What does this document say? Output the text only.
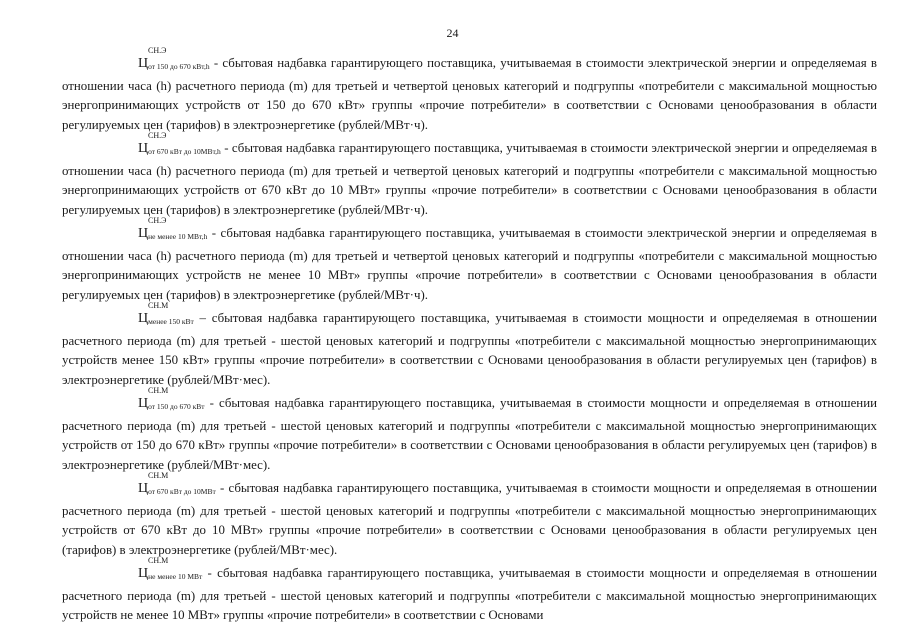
24

Ц
СН.Э
от 150 до 670 кВт,h - сбытовая надбавка гарантирующего поставщика, учитываемая в стоимости электрической энергии и определяемая в отношении часа (h) расчетного периода (m) для третьей и четвертой ценовых категорий и подгруппы «потребители с максимальной мощностью энергопринимающих устройств от 150 до 670 кВт» группы «прочие потребители» в соответствии с Основами ценообразования в области регулируемых цен (тарифов) в электроэнергетике (рублей/МВт·ч).

Ц
СН.Э
от 670 кВт до 10МВт,h - сбытовая надбавка гарантирующего поставщика, учитываемая в стоимости электрической энергии и определяемая в отношении часа (h) расчетного периода (m) для третьей и четвертой ценовых категорий и подгруппы «потребители с максимальной мощностью энергопринимающих устройств от 670 кВт до 10 МВт» группы «прочие потребители» в соответствии с Основами ценообразования в области регулируемых цен (тарифов) в электроэнергетике (рублей/МВт·ч).

Ц
СН.Э
не менее 10 МВт,h - сбытовая надбавка гарантирующего поставщика, учитываемая в стоимости электрической энергии и определяемая в отношении часа (h) расчетного периода (m) для третьей и четвертой ценовых категорий и подгруппы «потребители с максимальной мощностью энергопринимающих устройств не менее 10 МВт» группы «прочие потребители» в соответствии с Основами ценообразования в области регулируемых цен (тарифов) в электроэнергетике (рублей/МВт·ч).

Ц
СН.М
менее 150 кВт – сбытовая надбавка гарантирующего поставщика, учитываемая в стоимости мощности и определяемая в отношении расчетного периода (m) для третьей - шестой ценовых категорий и подгруппы «потребители с максимальной мощностью энергопринимающих устройств менее 150 кВт» группы «прочие потребители» в соответствии с Основами ценообразования в области регулируемых цен (тарифов) в электроэнергетике (рублей/МВт·мес).

Ц
СН.М
от 150 до 670 кВт - сбытовая надбавка гарантирующего поставщика, учитываемая в стоимости мощности и определяемая в отношении расчетного периода (m) для третьей - шестой ценовых категорий и подгруппы «потребители с максимальной мощностью энергопринимающих устройств от 150 до 670 кВт» группы «прочие потребители» в соответствии с Основами ценообразования в области регулируемых цен (тарифов) в электроэнергетике (рублей/МВт·мес).

Ц
СН.М
от 670 кВт до 10МВт - сбытовая надбавка гарантирующего поставщика, учитываемая в стоимости мощности и определяемая в отношении расчетного периода (m) для третьей - шестой ценовых категорий и подгруппы «потребители с максимальной мощностью энергопринимающих устройств от 670 кВт до 10 МВт» группы «прочие потребители» в соответствии с Основами ценообразования в области регулируемых цен (тарифов) в электроэнергетике (рублей/МВт·мес).

Ц
СН.М
не менее 10 МВт - сбытовая надбавка гарантирующего поставщика, учитываемая в стоимости мощности и определяемая в отношении расчетного периода (m) для третьей - шестой ценовых категорий и подгруппы «потребители с максимальной мощностью энергопринимающих устройств не менее 10 МВт» группы «прочие потребители» в соответствии с Основами
